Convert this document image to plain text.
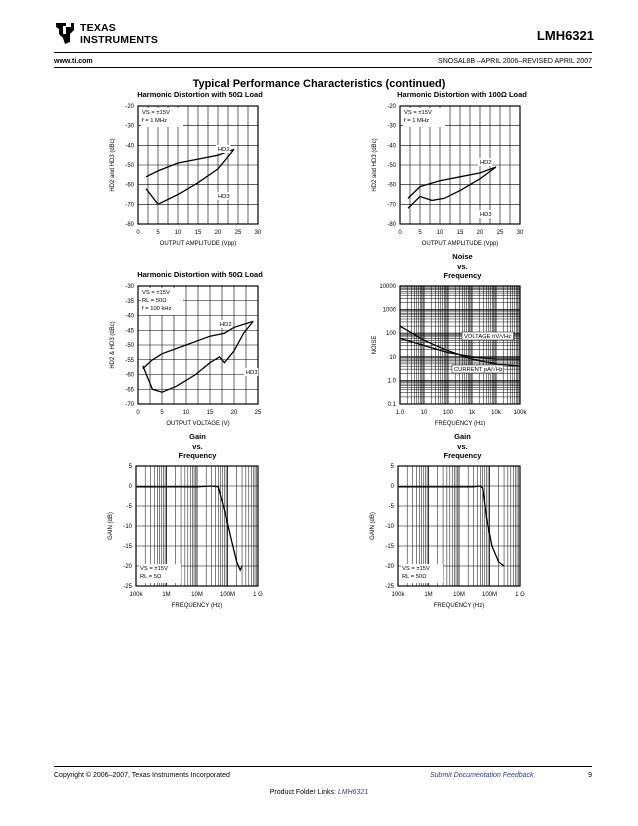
TEXAS
INSTRUMENTS	LMH6321
www.ti.com	SNOSAL8B –APRIL 2006–REVISED APRIL 2007
Typical Performance Characteristics (continued)
Harmonic Distortion with 50Ω Load	Harmonic Distortion with 100Ω Load
Harmonic Distortion with 50Ω Load
Noise
vs.
Frequency
Gain
vs.
Frequency
Gain
vs.
Frequency
0	5 10 15 20 25 30
-20
-30
-40
-50
-60
-70
-80
OUTPUT AMPLITUDE (Vpp)
HD2 and HD3 (dBc)
VS = ±15V
f = 1 MHz
HD2
HD3
0	5 10 15 20 25 30
-20
-30
-40
-50
-60
-70
-80
OUTPUT AMPLITUDE (Vpp)
HD2 and HD3 (dBc)
VS = ±15V
f = 1 MHz
HD2
HD3
0	5	10	15	20	25
-30
-35
-40
-45
-50
-55
-60
-65
-70
OUTPUT VOLTAGE (V)
HD2 & HD3 (dBc)
VS = ±15V
RL = 50Ω
f = 100 kHz
HD2
HD3
1.0	10	100	1k	10k 100k
10000
1000
100
10
1.0
0.1
FREQUENCY (Hz)
NOISE	VOLTAGE nV/√Hz
CURRENT pA/√Hz
100k	1M	10M	100M	1 G
5
0
-5
-10
-15
-20
-25
FREQUENCY (Hz)
GAIN (dB)
VS = ±15V
RL = 5Ω
100k	1M	10M	100M	1 G
5
0
-5
-10
-15
-20
-25
FREQUENCY (Hz)
GAIN (dB)
VS = ±15V
RL = 50Ω
Copyright © 2006–2007, Texas Instruments Incorporated	Submit Documentation Feedback	9
Product Folder Links: LMH6321
